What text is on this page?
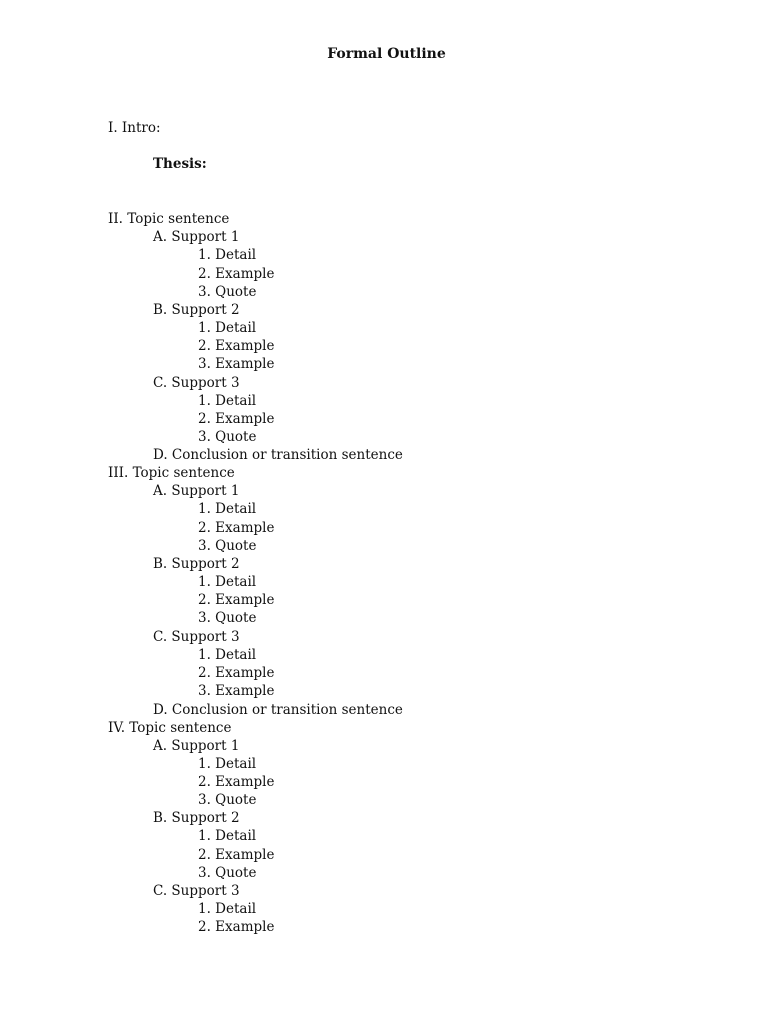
Formal Outline
I. Intro:
Thesis:
II. Topic sentence
A. Support 1
1. Detail
2. Example
3. Quote
B. Support 2
1. Detail
2. Example
3. Example
C. Support 3
1. Detail
2. Example
3. Quote
D. Conclusion or transition sentence
III. Topic sentence
A. Support 1
1. Detail
2. Example
3. Quote
B. Support 2
1. Detail
2. Example
3. Quote
C. Support 3
1. Detail
2. Example
3. Example
D. Conclusion or transition sentence
IV. Topic sentence
A. Support 1
1. Detail
2. Example
3. Quote
B. Support 2
1. Detail
2. Example
3. Quote
C. Support 3
1. Detail
2. Example
